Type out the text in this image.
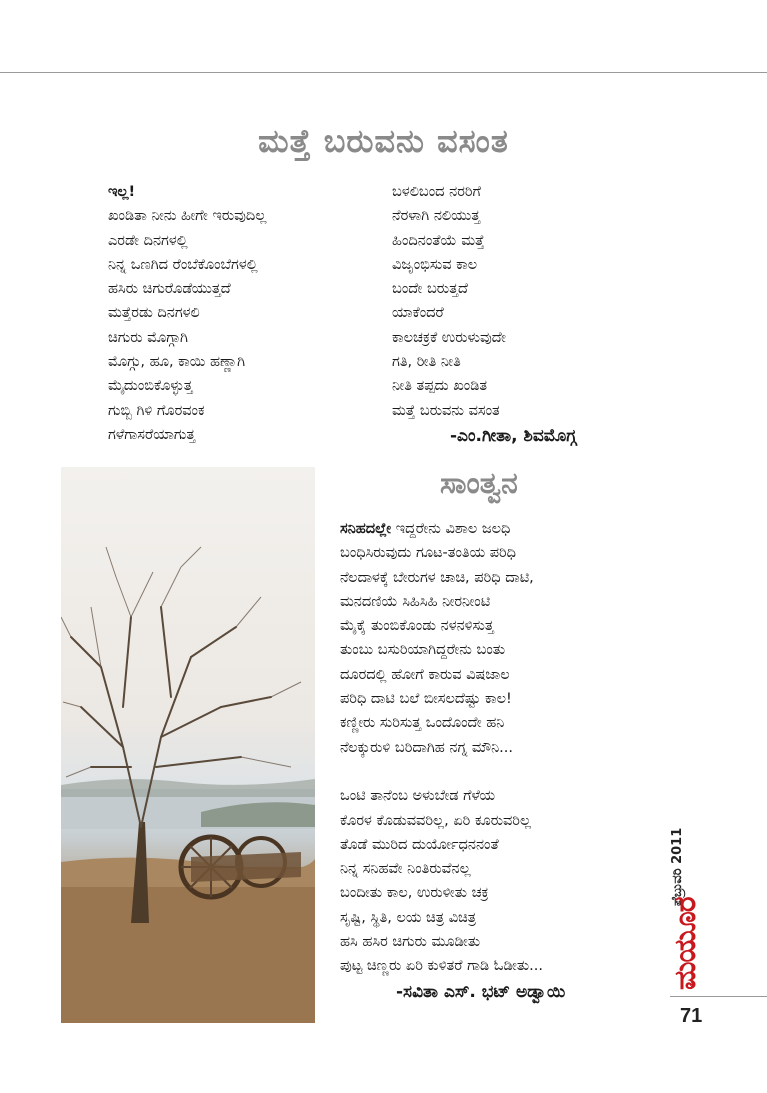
ಮತ್ತೆ ಬರುವನು ವಸಂತ
ಇಲ್ಲ!
ಖಂಡಿತಾ ನೀನು ಹೀಗೇ ಇರುವುದಿಲ್ಲ
ಎರಡೇ ದಿನಗಳಲ್ಲಿ
ನಿನ್ನ ಒಣಗಿದ ರೆಂಬೆಕೊಂಬೆಗಳಲ್ಲಿ
ಹಸಿರು ಚಿಗುರೊಡೆಯುತ್ತದೆ
ಮತ್ತೆರಡು ದಿನಗಳಲಿ
ಚಿಗುರು ಮೊಗ್ಗಾಗಿ
ಮೊಗ್ಗು, ಹೂ, ಕಾಯಿ ಹಣ್ಣಾಗಿ
ಮೈದುಂಬಿಕೊಳ್ಳುತ್ತ
ಗುಬ್ಬಿ ಗಿಳಿ ಗೊರವಂಕ
ಗಳೆಗಾಸರೆಯಾಗುತ್ತ
ಬಳಲಿಬಂದ ನರರಿಗೆ
ನೆರಳಾಗಿ ನಲಿಯುತ್ತ
ಹಿಂದಿನಂತೆಯೆ ಮತ್ತೆ
ವಿಜೃಂಭಿಸುವ ಕಾಲ
ಬಂದೇ ಬರುತ್ತದೆ
ಯಾಕೆಂದರೆ
ಕಾಲಚಕ್ರಕೆ ಉರುಳುವುದೇ
ಗತಿ, ರೀತಿ ನೀತಿ
ನೀತಿ ತಪ್ಪದು ಖಂಡಿತ
ಮತ್ತೆ ಬರುವನು ವಸಂತ
-ಎಂ.ಗೀತಾ, ಶಿವಮೊಗ್ಗ
ಸಾಂತ್ವನ
ಸನಿಹದಲ್ಲೇ ಇದ್ದರೇನು ವಿಶಾಲ ಜಲಧಿ
ಬಂಧಿಸಿರುವುದು ಗೂಟ-ತಂತಿಯ ಪರಿಧಿ
ನೆಲದಾಳಕ್ಕೆ ಬೇರುಗಳ ಚಾಚಿ, ಪರಿಧಿ ದಾಟಿ,
ಮನದಣಿಯೆ ಸಿಹಿಸಿಹಿ ನೀರನೀಂಟಿ
ಮೈಕೈ ತುಂಬಿಕೊಂಡು ನಳನಳಿಸುತ್ತ
ತುಂಬು ಬಸುರಿಯಾಗಿದ್ದರೇನು ಬಂತು
ದೂರದಲ್ಲಿ ಹೋಗೆ ಕಾರುವ ವಿಷಜಾಲ
ಪರಿಧಿ ದಾಟಿ ಬಲೆ ಬೀಸಲದೆಷ್ಟು ಕಾಲ!
ಕಣ್ಣೀರು ಸುರಿಸುತ್ತ ಒಂದೊಂದೇ ಹನಿ
ನೆಲಕ್ಕುರುಳಿ ಬರಿದಾಗಿಹ ನಗ್ನ ಮೌನಿ...
ಒಂಟಿ ತಾನೆಂಬ ಅಳುಬೇಡ ಗೆಳೆಯ
ಕೊರಳ ಕೊಡುವವರಿಲ್ಲ, ಏರಿ ಕೂರುವರಿಲ್ಲ
ತೊಡೆ ಮುರಿದ ದುರ್ಯೋಧನನಂತೆ
ನಿನ್ನ ಸನಿಹವೇ ನಿಂತಿರುವೆನಲ್ಲ
ಬಂದೀತು ಕಾಲ, ಉರುಳೀತು ಚಕ್ರ
ಸೃಷ್ಟಿ, ಸ್ಥಿತಿ, ಲಯ ಚಿತ್ರ ವಿಚಿತ್ರ
ಹಸಿ ಹಸಿರ ಚಿಗುರು ಮೂಡೀತು
ಪುಟ್ಟ ಚಿಣ್ಣರು ಏರಿ ಕುಳಿತರೆ ಗಾಡಿ ಓಡೀತು...
-ಸವಿತಾ ಎಸ್. ಭಟ್ ಅಡ್ವಾಯಿ
ಫೆಬ್ರುವರಿ 2011
ಮಯೂರ
71
